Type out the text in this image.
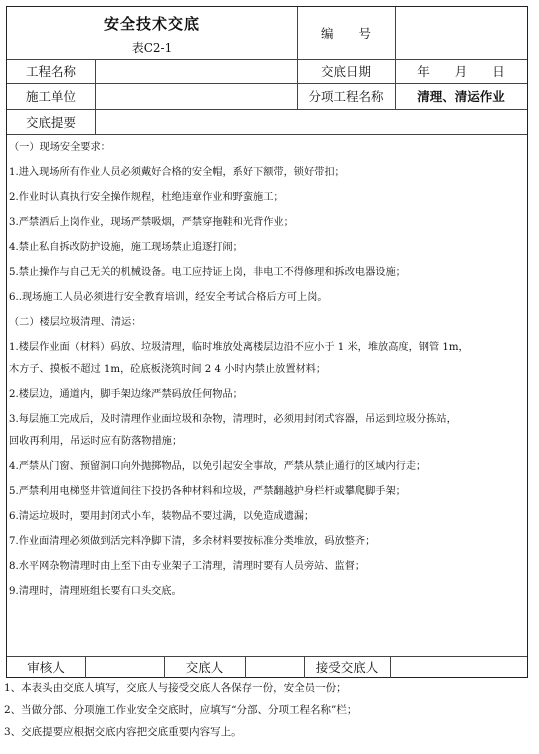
安全技术交底
表C2-1
编　　号
工程名称	交底日期	年　　月　　日
施工单位	分项工程名称	清理、清运作业
交底提要
（一）现场安全要求：
1.进入现场所有作业人员必须戴好合格的安全帽，系好下额带，锁好带扣；
2.作业时认真执行安全操作规程，杜绝违章作业和野蛮施工；
3.严禁酒后上岗作业，现场严禁吸烟，严禁穿拖鞋和光背作业；
4.禁止私自拆改防护设施，施工现场禁止追逐打闹；
5.禁止操作与自己无关的机械设备。电工应持证上岗，非电工不得修理和拆改电器设施；
6..现场施工人员必须进行安全教育培训，经安全考试合格后方可上岗。
（二）楼层垃圾清理、清运：
1.楼层作业面（材料）码放、垃圾清理，临时堆放处离楼层边沿不应小于 1 米，堆放高度，钢管 1m，
木方子、摸板不超过 1m，砼底板浇筑时间 2 4 小时内禁止放置材料；
2.楼层边，通道内，脚手架边缘严禁码放任何物品；
3.每层施工完成后，及时清理作业面垃圾和杂物，清理时，必须用封闭式容器，吊运到垃圾分拣站，
回收再利用，吊运时应有防落物措施；
4.严禁从门窗、预留洞口向外抛掷物品，以免引起安全事故，严禁从禁止通行的区域内行走；
5.严禁利用电梯竖井管道间往下投扔各种材料和垃圾，严禁翻越护身栏杆或攀爬脚手架；
6.清运垃圾时，要用封闭式小车，装物品不要过满，以免造成遗漏；
7.作业面清理必须做到活完料净脚下清，多余材料要按标准分类堆放，码放整齐；
8.水平网杂物清理时由上至下由专业架子工清理，清理时要有人员旁站、监督；
9.清理时，清理班组长要有口头交底。
审核人	交底人	接受交底人
1、本表头由交底人填写，交底人与接受交底人各保存一份，安全员一份；
2、当做分部、分项施工作业安全交底时，应填写“分部、分项工程名称”栏；
3、交底提要应根据交底内容把交底重要内容写上。
